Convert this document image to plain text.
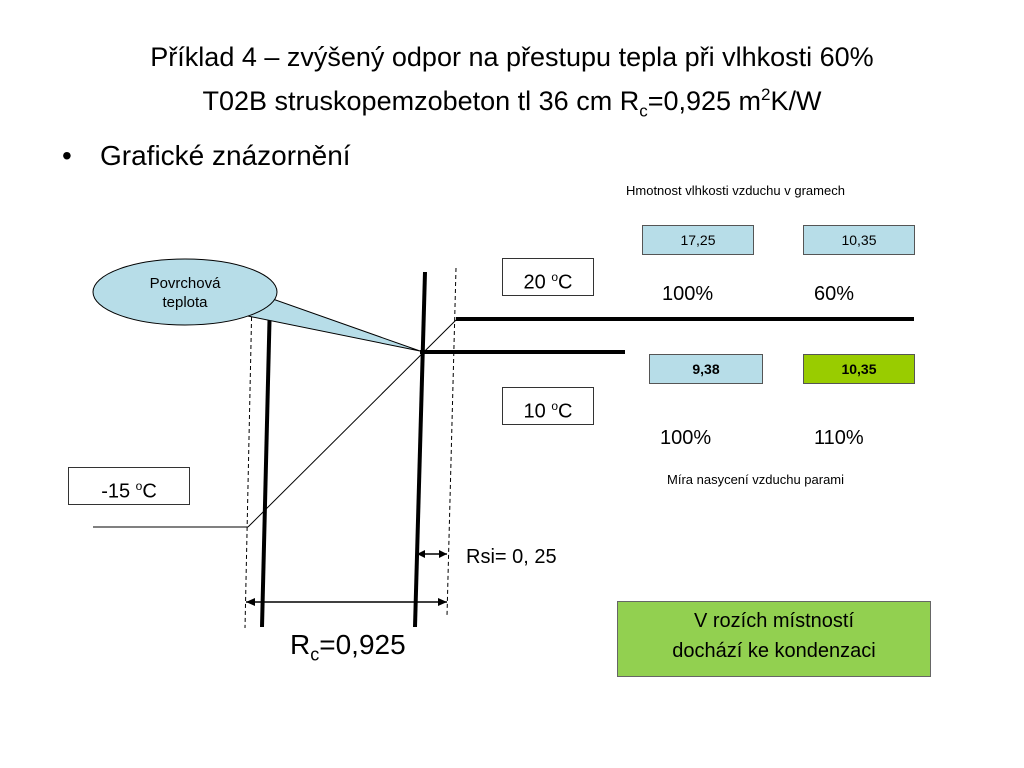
Příklad 4 – zvýšený odpor na přestupu tepla při vlhkosti 60%
T02B struskopemzobeton tl 36 cm $R_c=0,925$ $m^2K/W$
• Grafické znázornění
Povrchová
teplota
Hmotnost vlhkosti vzduchu v gramech
17,25	10,35
100%	60%
20 $^o$C
9,38	10,35
10 $^o$C
100%	110%
Míra nasycení vzduchu parami
-15 $^o$C
Rsi= 0, 25
$R_c=0,925$
V rozích místností
dochází ke kondenzaci
